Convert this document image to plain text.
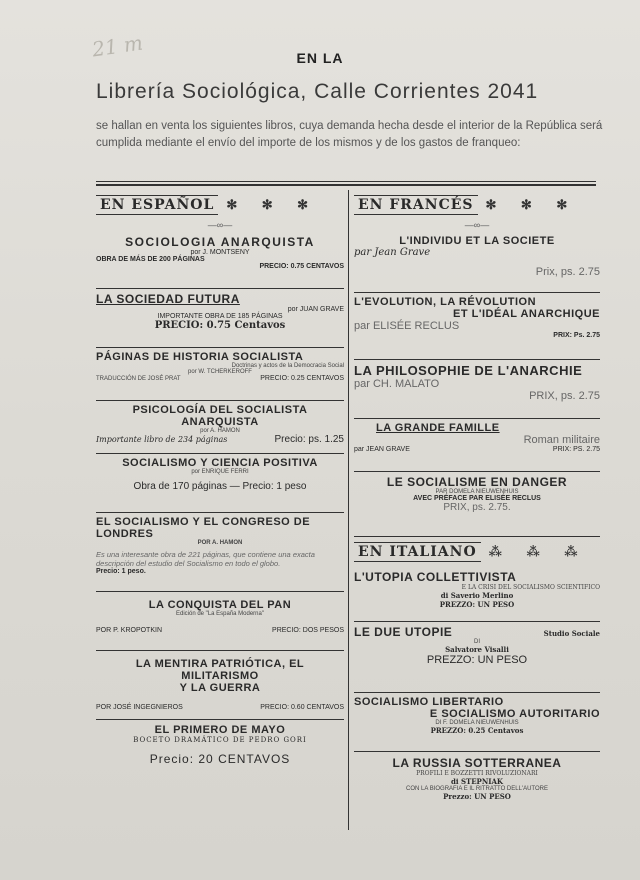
21 m	EN LA
Librería Sociológica, Calle Corrientes 2041
se hallan en venta los siguientes libros, cuya demanda hecha desde el interior de la República será cumplida mediante el envío del importe de los mismos y de los gastos de franqueo:
EN ESPAÑOL ✻ ✻ ✻
—∞—
SOCIOLOGIA ANARQUISTA
por J. MONTSENY
OBRA DE MÁS DE 200 PÁGINAS
PRECIO: 0.75 CENTAVOS
LA SOCIEDAD FUTURA
por JUAN GRAVE
IMPORTANTE OBRA DE 185 PÁGINAS
PRECIO: 0.75 Centavos
PÁGINAS DE HISTORIA SOCIALISTA
Doctrinas y actos de la Democracia Social
por W. TCHERKEROFF
TRADUCCIÓN DE JOSÉ PRAT	PRECIO: 0.25 CENTAVOS
PSICOLOGÍA DEL SOCIALISTA ANARQUISTA
por A. HAMON
Importante libro de 234 páginas	Precio: ps. 1.25
SOCIALISMO Y CIENCIA POSITIVA
por ENRIQUE FERRI
Obra de 170 páginas — Precio: 1 peso
EL SOCIALISMO Y EL CONGRESO DE LONDRES
POR A. HAMON
Es una interesante obra de 221 páginas, que contiene una exacta descripción del estudio del Socialismo en todo el globo.
Precio: 1 peso.
LA CONQUISTA DEL PAN
Edición de "La España Moderna"
POR P. KROPOTKIN	PRECIO: DOS PESOS
LA MENTIRA PATRIÓTICA, EL MILITARISMO
Y LA GUERRA
POR JOSÉ INGEGNIEROS	PRECIO: 0.60 CENTAVOS
EL PRIMERO DE MAYO
BOCETO DRAMÁTICO DE PEDRO GORI
Precio: 20 CENTAVOS
EN FRANCÉS ✻ ✻ ✻
—∞—
L'INDIVIDU ET LA SOCIETE
par Jean Grave
Prix, ps. 2.75
L'EVOLUTION, LA RÉVOLUTION
ET L'IDÉAL ANARCHIQUE
par ELISÉE RECLUS
PRIX: Ps. 2.75
LA PHILOSOPHIE DE L'ANARCHIE
par CH. MALATO
PRIX, ps. 2.75
LA GRANDE FAMILLE
Roman militaire
par JEAN GRAVE	PRIX: PS. 2.75
LE SOCIALISME EN DANGER
PAR DOMELA NIEUWENHUIS
AVEC PRÉFACE PAR ELISÉE RECLUS
PRIX, ps. 2.75.
EN ITALIANO ⁂ ⁂ ⁂
L'UTOPIA COLLETTIVISTA
E LA CRISI DEL SOCIALISMO SCIENTIFICO
di Saverio Merlino
PREZZO: UN PESO
LE DUE UTOPIE	Studio Sociale
DI
Salvatore Visalli
PREZZO: UN PESO
SOCIALISMO LIBERTARIO
E SOCIALISMO AUTORITARIO
DI F. DOMELA NIEUWENHUIS
PREZZO: 0.25 Centavos
LA RUSSIA SOTTERRANEA
PROFILI E BOZZETTI RIVOLUZIONARI
di STEPNIAK
CON LA BIOGRAFIA E IL RITRATTO DELL'AUTORE
Prezzo: UN PESO
